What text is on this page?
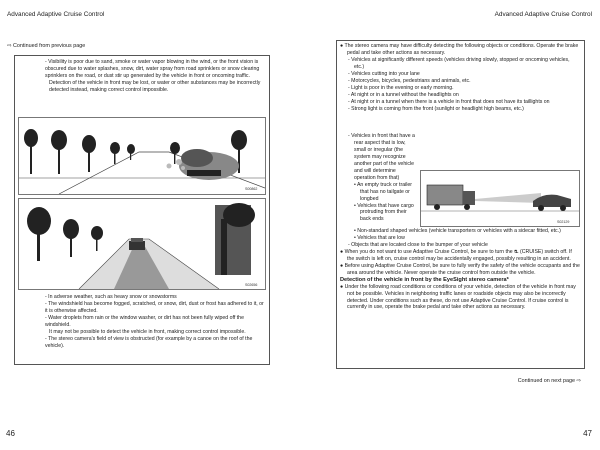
Advanced Adaptive Cruise Control	Advanced Adaptive Cruise Control
⇨ Continued from previous page

- Visibility is poor due to sand, smoke or water vapor blowing in the wind, or the front vision is obscured due to water splashes, snow, dirt, water spray from road sprinklers or snow clearing sprinklers on the road, or dust stir up generated by the vehicle in front or oncoming traffic.

Detection of the vehicle in front may be lost, or water or other substances may be incorrectly detected instead, making correct control impossible.

S00862
S02656

- In adverse weather, such as heavy snow or snowstorms

- The windshield has become fogged, scratched, or snow, dirt, dust or frost has adhered to it, or it is otherwise affected.

- Water droplets from rain or the window washer, or dirt has not been fully wiped off the windshield.

It may not be possible to detect the vehicle in front, making correct control impossible.

- The stereo camera's field of view is obstructed (for example by a canoe on the roof of the vehicle).

46

● The stereo camera may have difficulty detecting the following objects or conditions. Operate the brake pedal and take other actions as necessary.

- Vehicles at significantly different speeds (vehicles driving slowly, stopped or oncoming vehicles, etc.)

- Vehicles cutting into your lane

- Motorcycles, bicycles, pedestrians and animals, etc.

- Light is poor in the evening or early morning.

- At night or in a tunnel without the headlights on

- At night or in a tunnel when there is a vehicle in front that does not have its taillights on

- Strong light is coming from the front (sunlight or headlight high beams, etc.)

- Vehicles in front that have a rear aspect that is low, small or irregular (the system may recognize another part of the vehicle and will determine operation from that)

• An empty truck or trailer that has no tailgate or longbed

• Vehicles that have cargo protruding from their back ends	S02129

• Non-standard shaped vehicles (vehicle transporters or vehicles with a sidecar fitted, etc.)

• Vehicles that are low

- Objects that are located close to the bumper of your vehicle

● When you do not want to use Adaptive Cruise Control, be sure to turn the ⛐ (CRUISE) switch off. If the switch is left on, cruise control may be accidentally engaged, possibly resulting in an accident.

● Before using Adaptive Cruise Control, be sure to fully verify the safety of the vehicle occupants and the area around the vehicle. Never operate the cruise control from outside the vehicle.

Detection of the vehicle in front by the EyeSight stereo camera*

● Under the following road conditions or conditions of your vehicle, detection of the vehicle in front may not be possible. Vehicles in neighboring traffic lanes or roadside objects may also be incorrectly detected. Under conditions such as these, do not use Adaptive Cruise Control. If cruise control is currently in use, operate the brake pedal and take other actions as necessary.

Continued on next page ⇨
47
